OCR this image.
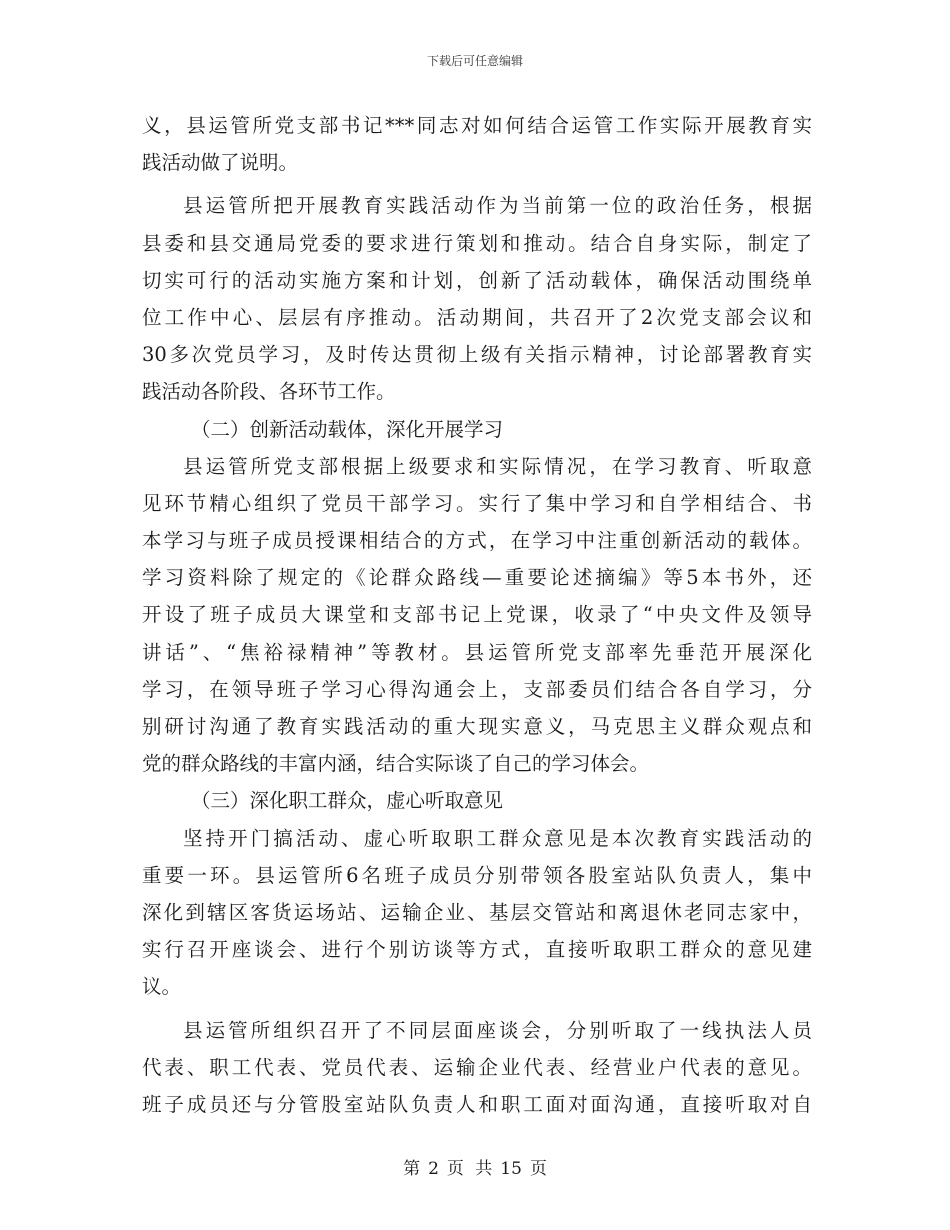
下载后可任意编辑
义，县运管所党支部书记***同志对如何结合运管工作实际开展教育实
践活动做了说明。
县运管所把开展教育实践活动作为当前第一位的政治任务，根据
县委和县交通局党委的要求进行策划和推动。结合自身实际，制定了
切实可行的活动实施方案和计划，创新了活动载体，确保活动围绕单
位工作中心、层层有序推动。活动期间，共召开了2次党支部会议和
30多次党员学习，及时传达贯彻上级有关指示精神，讨论部署教育实
践活动各阶段、各环节工作。
（二）创新活动载体，深化开展学习
县运管所党支部根据上级要求和实际情况，在学习教育、听取意
见环节精心组织了党员干部学习。实行了集中学习和自学相结合、书
本学习与班子成员授课相结合的方式，在学习中注重创新活动的载体。
学习资料除了规定的《论群众路线—重要论述摘编》等5本书外，还
开设了班子成员大课堂和支部书记上党课，收录了“中央文件及领导
讲话”、“焦裕禄精神”等教材。县运管所党支部率先垂范开展深化
学习，在领导班子学习心得沟通会上，支部委员们结合各自学习，分
别研讨沟通了教育实践活动的重大现实意义，马克思主义群众观点和
党的群众路线的丰富内涵，结合实际谈了自己的学习体会。
（三）深化职工群众，虚心听取意见
坚持开门搞活动、虚心听取职工群众意见是本次教育实践活动的
重要一环。县运管所6名班子成员分别带领各股室站队负责人，集中
深化到辖区客货运场站、运输企业、基层交管站和离退休老同志家中，
实行召开座谈会、进行个别访谈等方式，直接听取职工群众的意见建
议。
县运管所组织召开了不同层面座谈会，分别听取了一线执法人员
代表、职工代表、党员代表、运输企业代表、经营业户代表的意见。
班子成员还与分管股室站队负责人和职工面对面沟通，直接听取对自
第 2 页 共 15 页
